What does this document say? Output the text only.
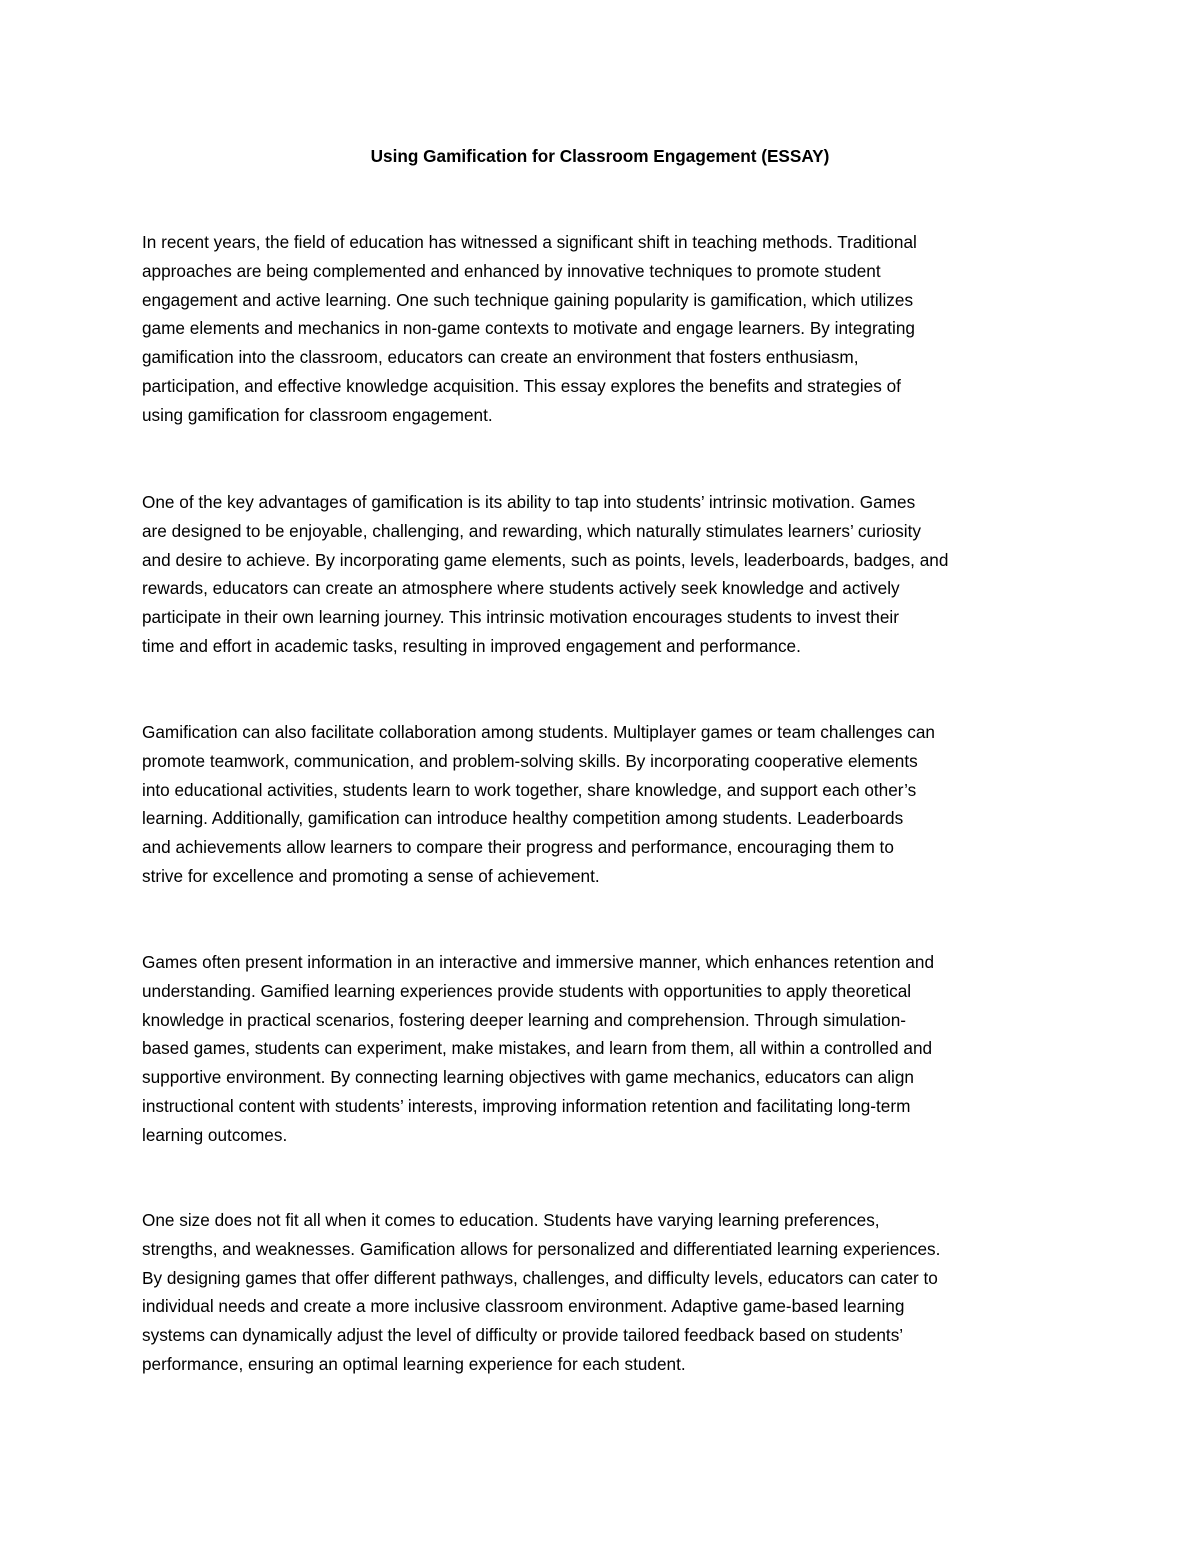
Using Gamification for Classroom Engagement (ESSAY)

In recent years, the field of education has witnessed a significant shift in teaching methods. Traditional
approaches are being complemented and enhanced by innovative techniques to promote student
engagement and active learning. One such technique gaining popularity is gamification, which utilizes
game elements and mechanics in non-game contexts to motivate and engage learners. By integrating
gamification into the classroom, educators can create an environment that fosters enthusiasm,
participation, and effective knowledge acquisition. This essay explores the benefits and strategies of
using gamification for classroom engagement.

One of the key advantages of gamification is its ability to tap into students’ intrinsic motivation. Games
are designed to be enjoyable, challenging, and rewarding, which naturally stimulates learners’ curiosity
and desire to achieve. By incorporating game elements, such as points, levels, leaderboards, badges, and
rewards, educators can create an atmosphere where students actively seek knowledge and actively
participate in their own learning journey. This intrinsic motivation encourages students to invest their
time and effort in academic tasks, resulting in improved engagement and performance.

Gamification can also facilitate collaboration among students. Multiplayer games or team challenges can
promote teamwork, communication, and problem-solving skills. By incorporating cooperative elements
into educational activities, students learn to work together, share knowledge, and support each other’s
learning. Additionally, gamification can introduce healthy competition among students. Leaderboards
and achievements allow learners to compare their progress and performance, encouraging them to
strive for excellence and promoting a sense of achievement.

Games often present information in an interactive and immersive manner, which enhances retention and
understanding. Gamified learning experiences provide students with opportunities to apply theoretical
knowledge in practical scenarios, fostering deeper learning and comprehension. Through simulation-
based games, students can experiment, make mistakes, and learn from them, all within a controlled and
supportive environment. By connecting learning objectives with game mechanics, educators can align
instructional content with students’ interests, improving information retention and facilitating long-term
learning outcomes.

One size does not fit all when it comes to education. Students have varying learning preferences,
strengths, and weaknesses. Gamification allows for personalized and differentiated learning experiences.
By designing games that offer different pathways, challenges, and difficulty levels, educators can cater to
individual needs and create a more inclusive classroom environment. Adaptive game-based learning
systems can dynamically adjust the level of difficulty or provide tailored feedback based on students’
performance, ensuring an optimal learning experience for each student.
